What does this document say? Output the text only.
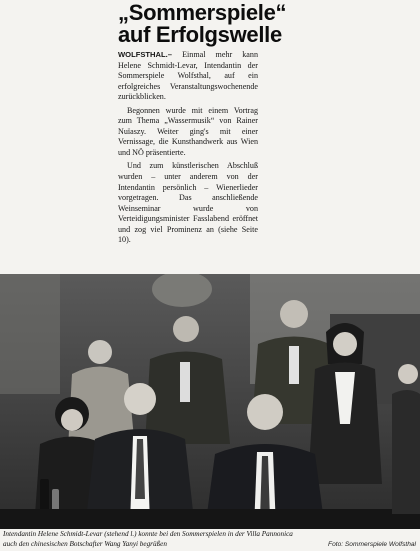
„Sommerspiele“
auf Erfolgswelle

WOLFSTHAL.– Einmal mehr kann Helene Schmidt-Levar, Intendantin der Sommerspiele Wolfsthal, auf ein erfolgreiches Veranstaltungswochenende zurückblicken.

Begonnen wurde mit einem Vortrag zum Thema „Wassermusik“ von Rainer Nuïaszy. Weiter ging's mit einer Vernissage, die Kunsthandwerk aus Wien und NÖ präsentierte.

Und zum künstlerischen Abschluß wurden – unter anderem von der Intendantin persönlich – Wienerlieder vorgetragen. Das anschließende Weinseminar wurde von Verteidigungsminister Fasslabend eröffnet und zog viel Prominenz an (siehe Seite 10).

Intendantin Helene Schmidt-Levar (stehend l.) konnte bei den Sommerspielen in der Villa Pannonica auch den chinesischen Botschafter Wang Yanyi begrüßen	Foto: Sommerspiele Wolfsthal
